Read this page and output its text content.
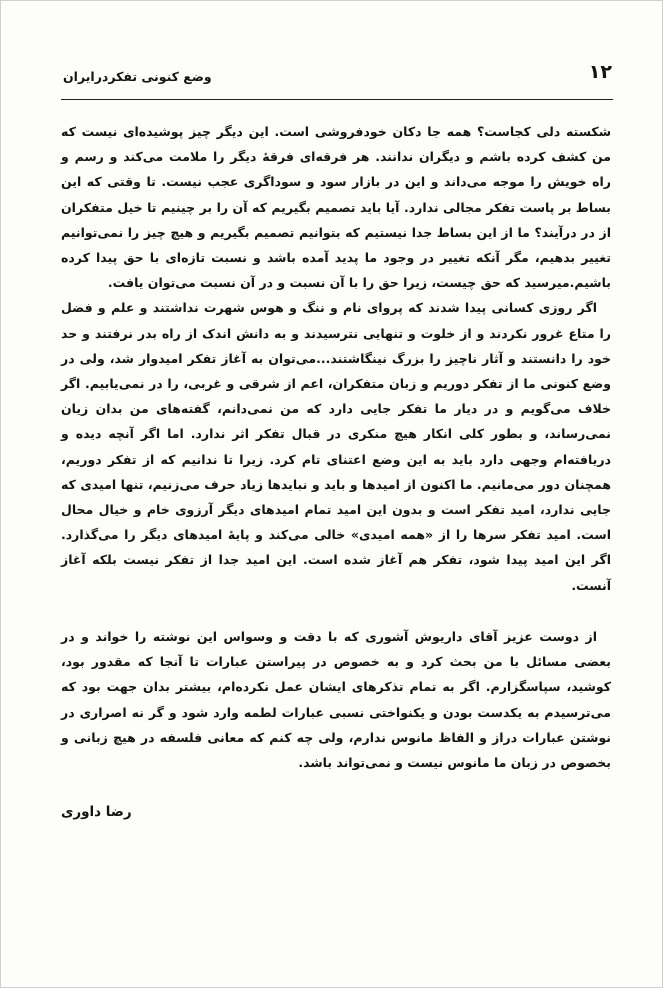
وضع کنونی تفکردرایران	۱۲

شکسته دلی کجاست؟ همه جا دکان خودفروشی است. این دیگر چیز پوشیده‌ای نیست که من کشف کرده باشم و دیگران ندانند. هر فرقه‌ای فرقهٔ دیگر را ملامت می‌کند و رسم و راه خویش را موجه می‌داند و این در بازار سود و سوداگری عجب نیست. تا وقتی که این بساط بر پاست تفکر مجالی ندارد. آیا باید تصمیم بگیریم که آن را بر چینیم تا خیل متفکران از در درآیند؟ ما از این بساط جدا نیستیم که بتوانیم تصمیم بگیریم و هیچ چیز را نمی‌توانیم تغییر بدهیم، مگر آنکه تغییر در وجود ما پدید آمده باشد و نسبت تازه‌ای با حق پیدا کرده باشیم.میرسید که حق چیست، زیرا حق را با آن نسبت و در آن نسبت می‌توان یافت.

اگر روزی کسانی پیدا شدند که پروای نام و ننگ و هوس شهرت نداشتند و علم و فضل را متاع غرور نکردند و از خلوت و تنهایی نترسیدند و به دانش اندک از راه بدر نرفتند و حد خود را دانستند و آثار ناچیز را بزرگ نینگاشتند...می‌توان به آغاز تفکر امیدوار شد، ولی در وضع کنونی ما از تفکر دوریم و زبان متفکران، اعم از شرقی و غربی، را در نمی‌یابیم. اگر خلاف می‌گویم و در دیار ما تفکر جایی دارد که من نمی‌دانم، گفته‌های من بدان زیان نمی‌رساند، و بطور کلی انکار هیچ منکری در قبال تفکر اثر ندارد. اما اگر آنچه دیده و دریافته‌ام وجهی دارد باید به این وضع اعتنای تام کرد. زیرا تا ندانیم که از تفکر دوریم، همچنان دور می‌مانیم. ما اکنون از امیدها و باید و نبایدها زیاد حرف می‌زنیم، تنها امیدی که جایی ندارد، امید تفکر است و بدون این امید تمام امیدهای دیگر آرزوی خام و خیال محال است. امید تفکر سرها را از «همه امیدی» خالی می‌کند و پایهٔ امیدهای دیگر را می‌گذارد. اگر این امید پیدا شود، تفکر هم آغاز شده است. این امید جدا از تفکر نیست بلکه آغاز آنست.

از دوست عزیز آقای داریوش آشوری که با دقت و وسواس این نوشته را خواند و در بعضی مسائل با من بحث کرد و به خصوص در پیراستن عبارات تا آنجا که مقدور بود، کوشید، سپاسگزارم. اگر به تمام تذکرهای ایشان عمل نکرده‌ام، بیشتر بدان جهت بود که می‌ترسیدم به یکدست بودن و یکنواختی نسبی عبارات لطمه وارد شود و گر نه اصراری در نوشتن عبارات دراز و الفاظ مانوس ندارم، ولی چه کنم که معانی فلسفه در هیچ زبانی و بخصوص در زبان ما مانوس نیست و نمی‌تواند باشد.

رضا داوری
